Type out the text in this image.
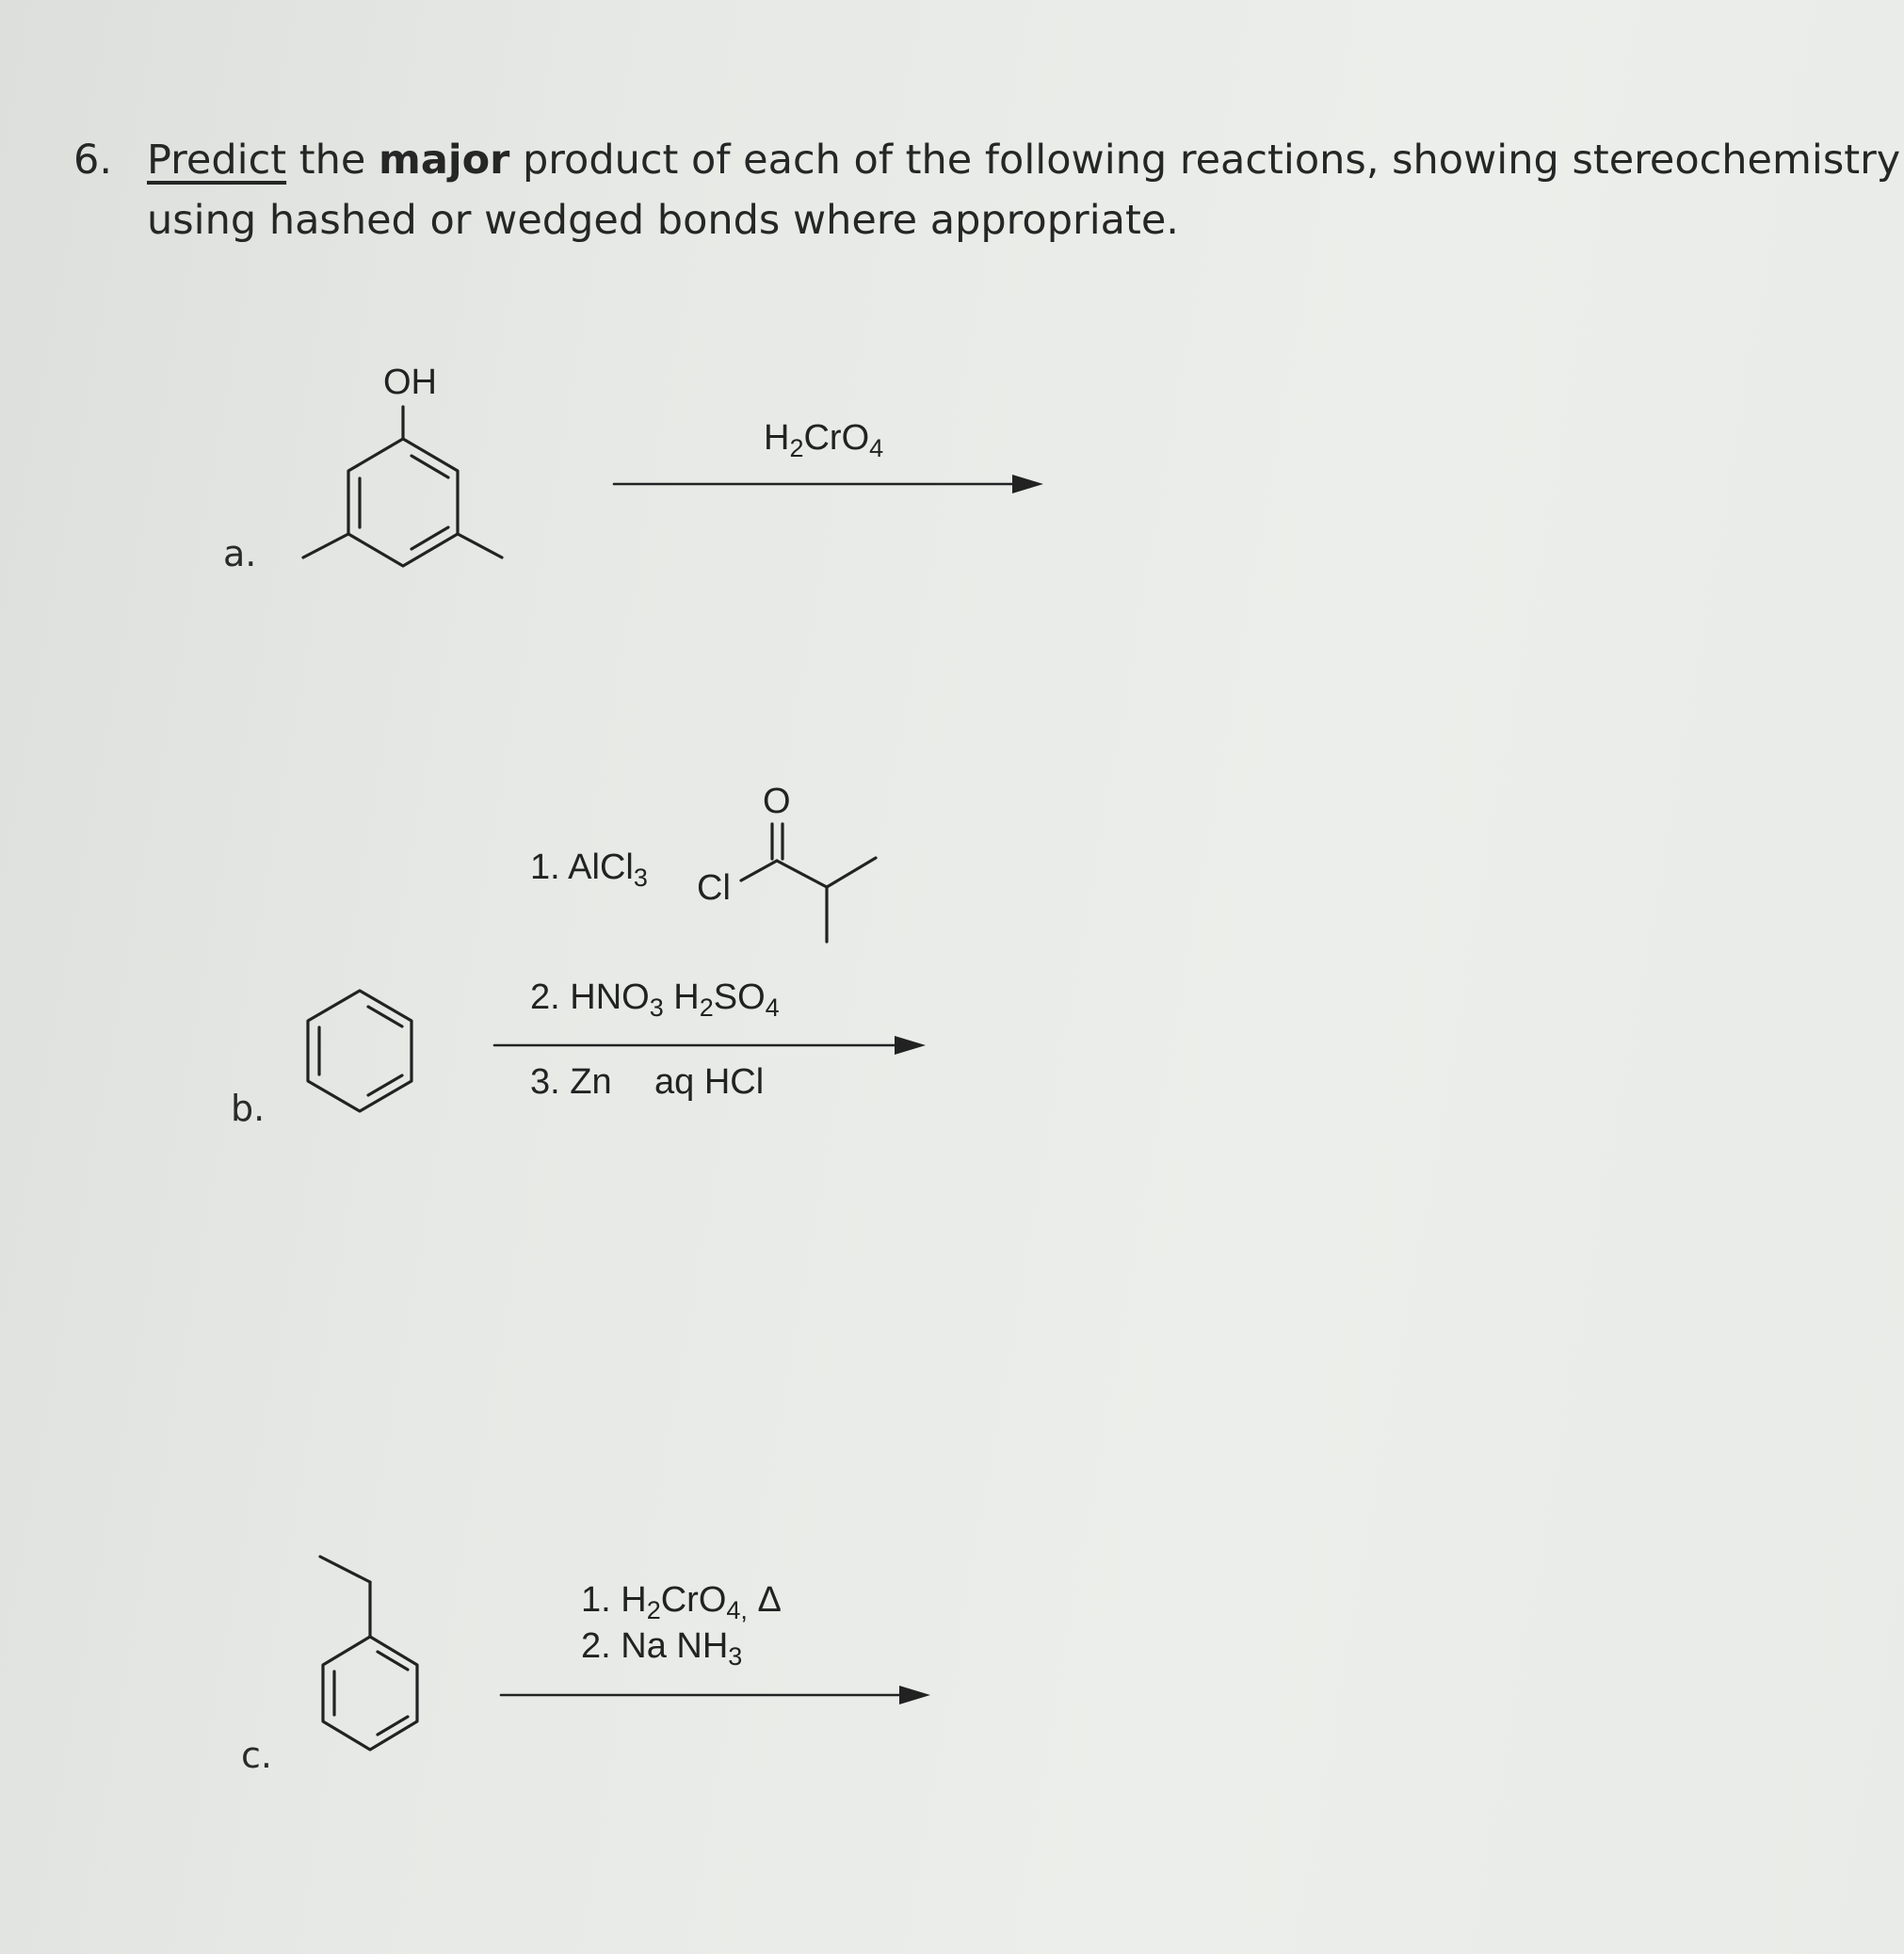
6. Predict the major product of each of the following reactions, showing stereochemistry using hashed or wedged bonds where appropriate.
a.
b.
c.
OH
$H_2CrO_4$
1. AlCl$_3$ Cl
O
2. $HNO_3$ $H_2SO_4$
3. Zn aq HCl
1. $H_2CrO_{4,}$ Δ
2. Na $NH_3$
